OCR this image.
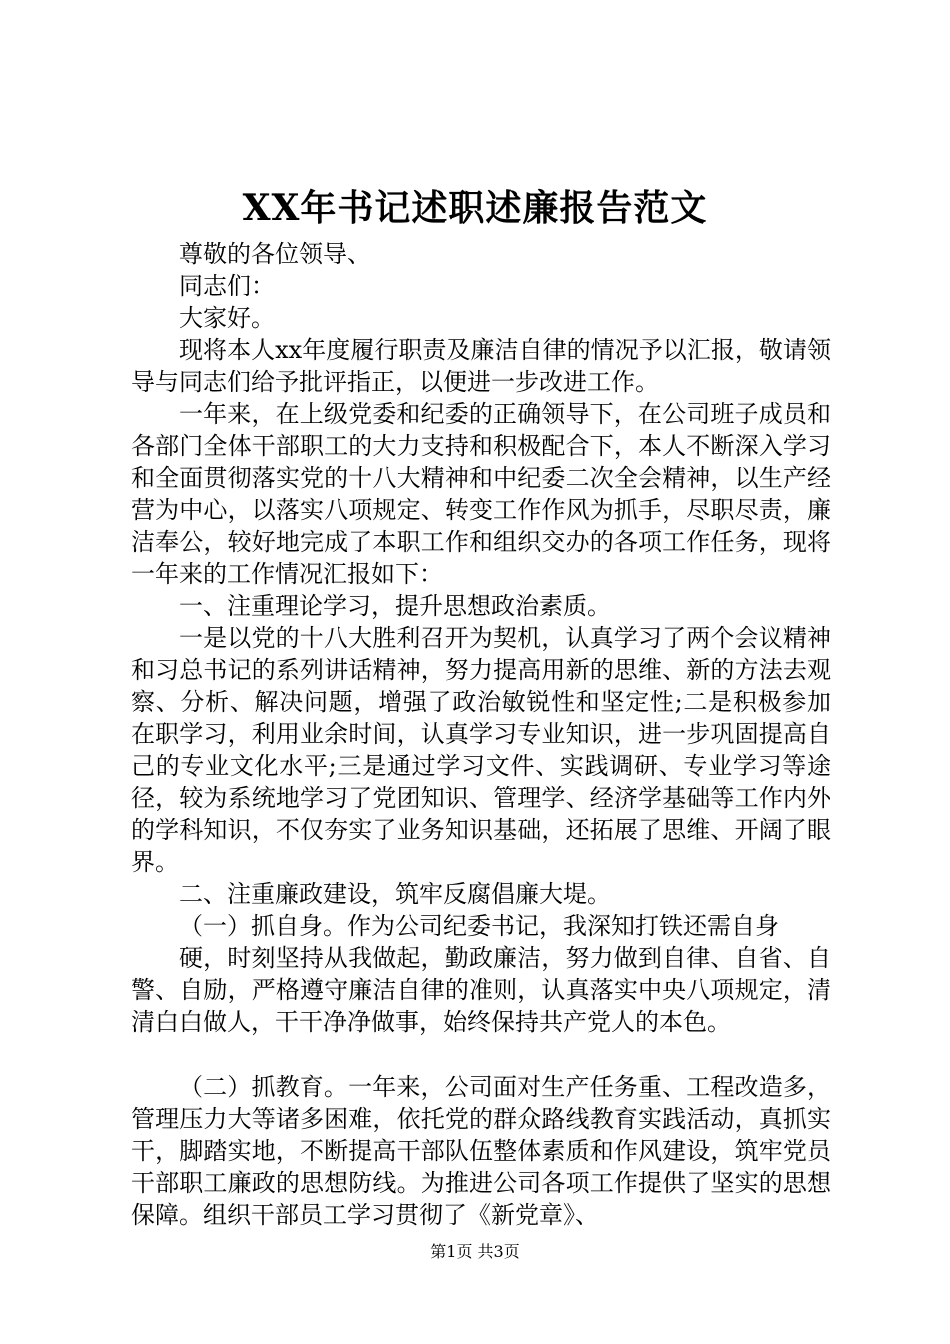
XX年书记述职述廉报告范文

尊敬的各位领导、

同志们：

大家好。

现将本人xx年度履行职责及廉洁自律的情况予以汇报，敬请领导与同志们给予批评指正，以便进一步改进工作。

一年来，在上级党委和纪委的正确领导下，在公司班子成员和各部门全体干部职工的大力支持和积极配合下，本人不断深入学习和全面贯彻落实党的十八大精神和中纪委二次全会精神，以生产经营为中心，以落实八项规定、转变工作作风为抓手，尽职尽责，廉洁奉公，较好地完成了本职工作和组织交办的各项工作任务，现将一年来的工作情况汇报如下：

一、注重理论学习，提升思想政治素质。

一是以党的十八大胜利召开为契机，认真学习了两个会议精神和习总书记的系列讲话精神，努力提高用新的思维、新的方法去观察、分析、解决问题，增强了政治敏锐性和坚定性;二是积极参加在职学习，利用业余时间，认真学习专业知识，进一步巩固提高自己的专业文化水平;三是通过学习文件、实践调研、专业学习等途径，较为系统地学习了党团知识、管理学、经济学基础等工作内外的学科知识，不仅夯实了业务知识基础，还拓展了思维、开阔了眼界。

二、注重廉政建设，筑牢反腐倡廉大堤。

（一）抓自身。作为公司纪委书记，我深知打铁还需自身

硬，时刻坚持从我做起，勤政廉洁，努力做到自律、自省、自警、自励，严格遵守廉洁自律的准则，认真落实中央八项规定，清清白白做人，干干净净做事，始终保持共产党人的本色。

（二）抓教育。一年来，公司面对生产任务重、工程改造多，管理压力大等诸多困难，依托党的群众路线教育实践活动，真抓实干，脚踏实地，不断提高干部队伍整体素质和作风建设，筑牢党员干部职工廉政的思想防线。为推进公司各项工作提供了坚实的思想保障。组织干部员工学习贯彻了《新党章》、

第1页 共3页
